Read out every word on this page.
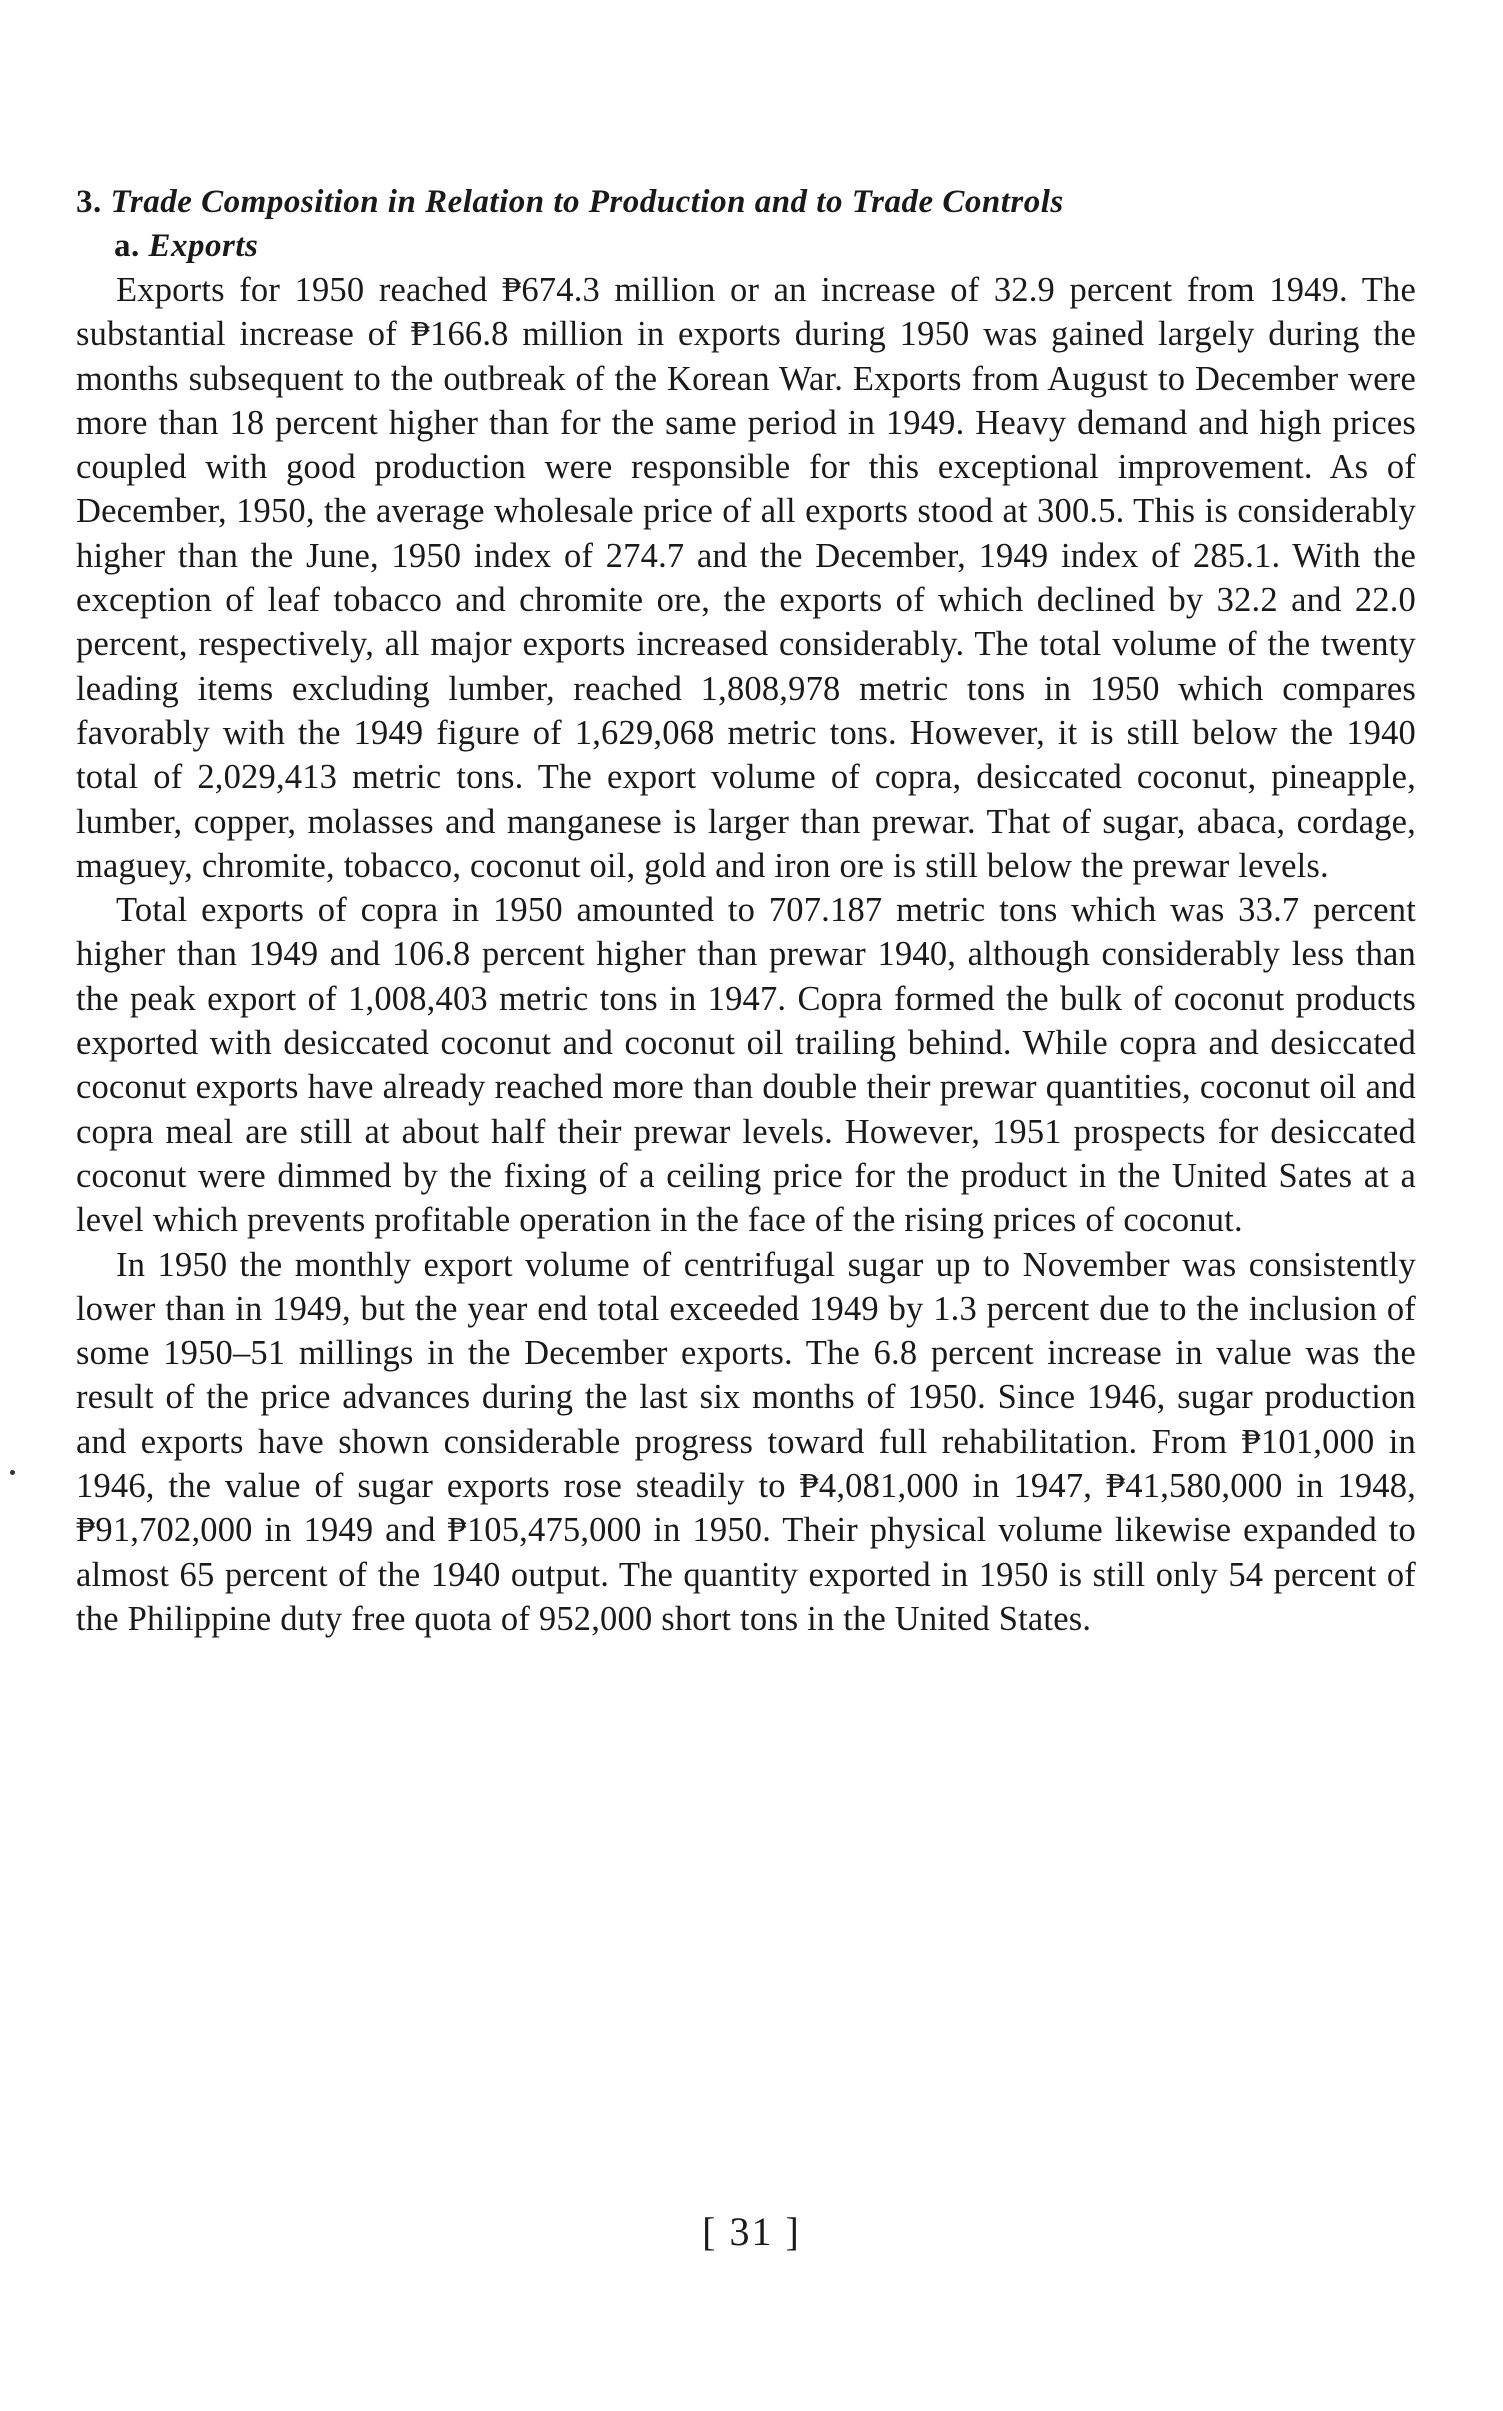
3. Trade Composition in Relation to Production and to Trade Controls
a. Exports

Exports for 1950 reached ₱674.3 million or an increase of 32.9 percent from 1949. The substantial increase of ₱166.8 million in exports during 1950 was gained largely during the months subsequent to the outbreak of the Korean War. Exports from August to December were more than 18 percent higher than for the same period in 1949. Heavy demand and high prices coupled with good production were responsible for this exceptional improvement. As of December, 1950, the average wholesale price of all exports stood at 300.5. This is considerably higher than the June, 1950 index of 274.7 and the December, 1949 index of 285.1. With the exception of leaf tobacco and chromite ore, the exports of which declined by 32.2 and 22.0 percent, respectively, all major exports increased considerably. The total volume of the twenty leading items excluding lumber, reached 1,808,978 metric tons in 1950 which compares favorably with the 1949 figure of 1,629,068 metric tons. However, it is still below the 1940 total of 2,029,413 metric tons. The export volume of copra, desiccated coconut, pineapple, lumber, copper, molasses and manganese is larger than prewar. That of sugar, abaca, cordage, maguey, chromite, tobacco, coconut oil, gold and iron ore is still below the prewar levels.

Total exports of copra in 1950 amounted to 707.187 metric tons which was 33.7 percent higher than 1949 and 106.8 percent higher than prewar 1940, although considerably less than the peak export of 1,008,403 metric tons in 1947. Copra formed the bulk of coconut products exported with desiccated coconut and coconut oil trailing behind. While copra and desiccated coconut exports have already reached more than double their prewar quantities, coconut oil and copra meal are still at about half their prewar levels. However, 1951 prospects for desiccated coconut were dimmed by the fixing of a ceiling price for the product in the United Sates at a level which prevents profitable operation in the face of the rising prices of coconut.

In 1950 the monthly export volume of centrifugal sugar up to November was consistently lower than in 1949, but the year end total exceeded 1949 by 1.3 percent due to the inclusion of some 1950–51 millings in the December exports. The 6.8 percent increase in value was the result of the price advances during the last six months of 1950. Since 1946, sugar production and exports have shown considerable progress toward full rehabilitation. From ₱101,000 in 1946, the value of sugar exports rose steadily to ₱4,081,000 in 1947, ₱41,580,000 in 1948, ₱91,702,000 in 1949 and ₱105,475,000 in 1950. Their physical volume likewise expanded to almost 65 percent of the 1940 output. The quantity exported in 1950 is still only 54 percent of the Philippine duty free quota of 952,000 short tons in the United States.

[ 31 ]
